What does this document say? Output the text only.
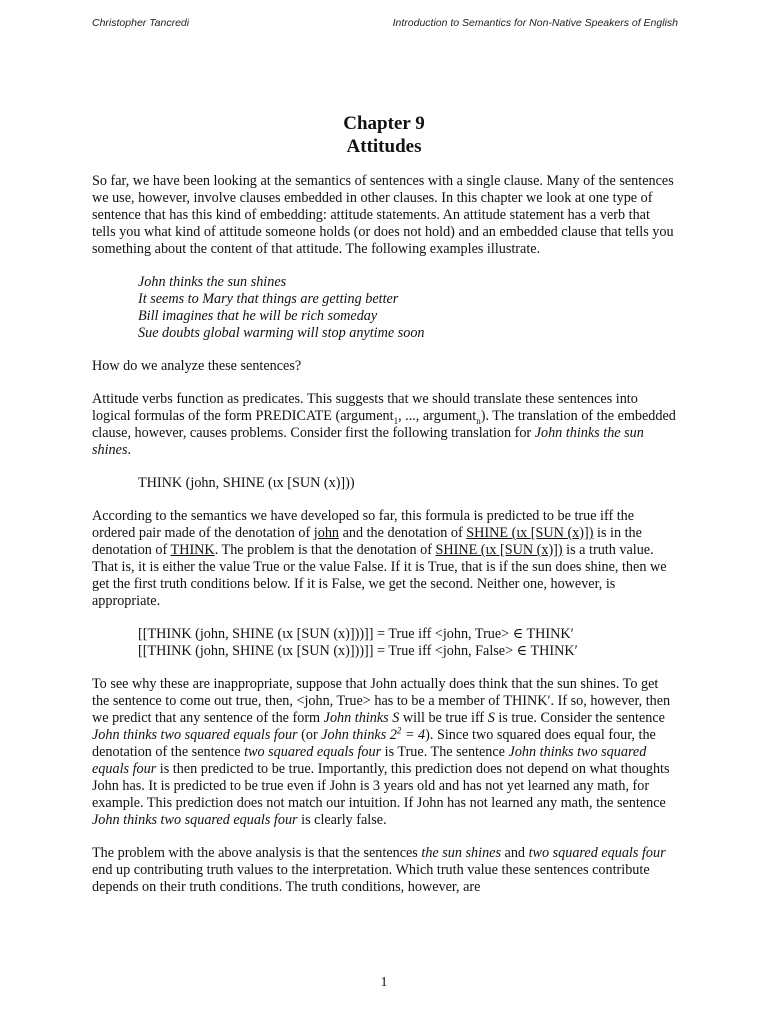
Christopher Tancredi	Introduction to Semantics for Non-Native Speakers of English
Chapter 9
Attitudes

So far, we have been looking at the semantics of sentences with a single clause. Many of the sentences we use, however, involve clauses embedded in other clauses. In this chapter we look at one type of sentence that has this kind of embedding: attitude statements. An attitude statement has a verb that tells you what kind of attitude someone holds (or does not hold) and an embedded clause that tells you something about the content of that attitude. The following examples illustrate.

John thinks the sun shines
It seems to Mary that things are getting better
Bill imagines that he will be rich someday
Sue doubts global warming will stop anytime soon

How do we analyze these sentences?

Attitude verbs function as predicates. This suggests that we should translate these sentences into logical formulas of the form PREDICATE (argument$_1$, ..., argument$_n$). The translation of the embedded clause, however, causes problems. Consider first the following translation for John thinks the sun shines.

THINK (john, SHINE (ιx [SUN (x)]))

According to the semantics we have developed so far, this formula is predicted to be true iff the ordered pair made of the denotation of john and the denotation of SHINE (ιx [SUN (x)]) is in the denotation of THINK. The problem is that the denotation of SHINE (ιx [SUN (x)]) is a truth value. That is, it is either the value True or the value False. If it is True, that is if the sun does shine, then we get the first truth conditions below. If it is False, we get the second. Neither one, however, is appropriate.

[[THINK (john, SHINE (ιx [SUN (x)]))]] = True iff <john, True> ∈ THINK′
[[THINK (john, SHINE (ιx [SUN (x)]))]] = True iff <john, False> ∈ THINK′

To see why these are inappropriate, suppose that John actually does think that the sun shines. To get the sentence to come out true, then, <john, True> has to be a member of THINK′. If so, however, then we predict that any sentence of the form John thinks S will be true iff S is true. Consider the sentence John thinks two squared equals four (or John thinks $2^2 = 4$). Since two squared does equal four, the denotation of the sentence two squared equals four is True. The sentence John thinks two squared equals four is then predicted to be true. Importantly, this prediction does not depend on what thoughts John has. It is predicted to be true even if John is 3 years old and has not yet learned any math, for example. This prediction does not match our intuition. If John has not learned any math, the sentence John thinks two squared equals four is clearly false.

The problem with the above analysis is that the sentences the sun shines and two squared equals four end up contributing truth values to the interpretation. Which truth value these sentences contribute depends on their truth conditions. The truth conditions, however, are

1
